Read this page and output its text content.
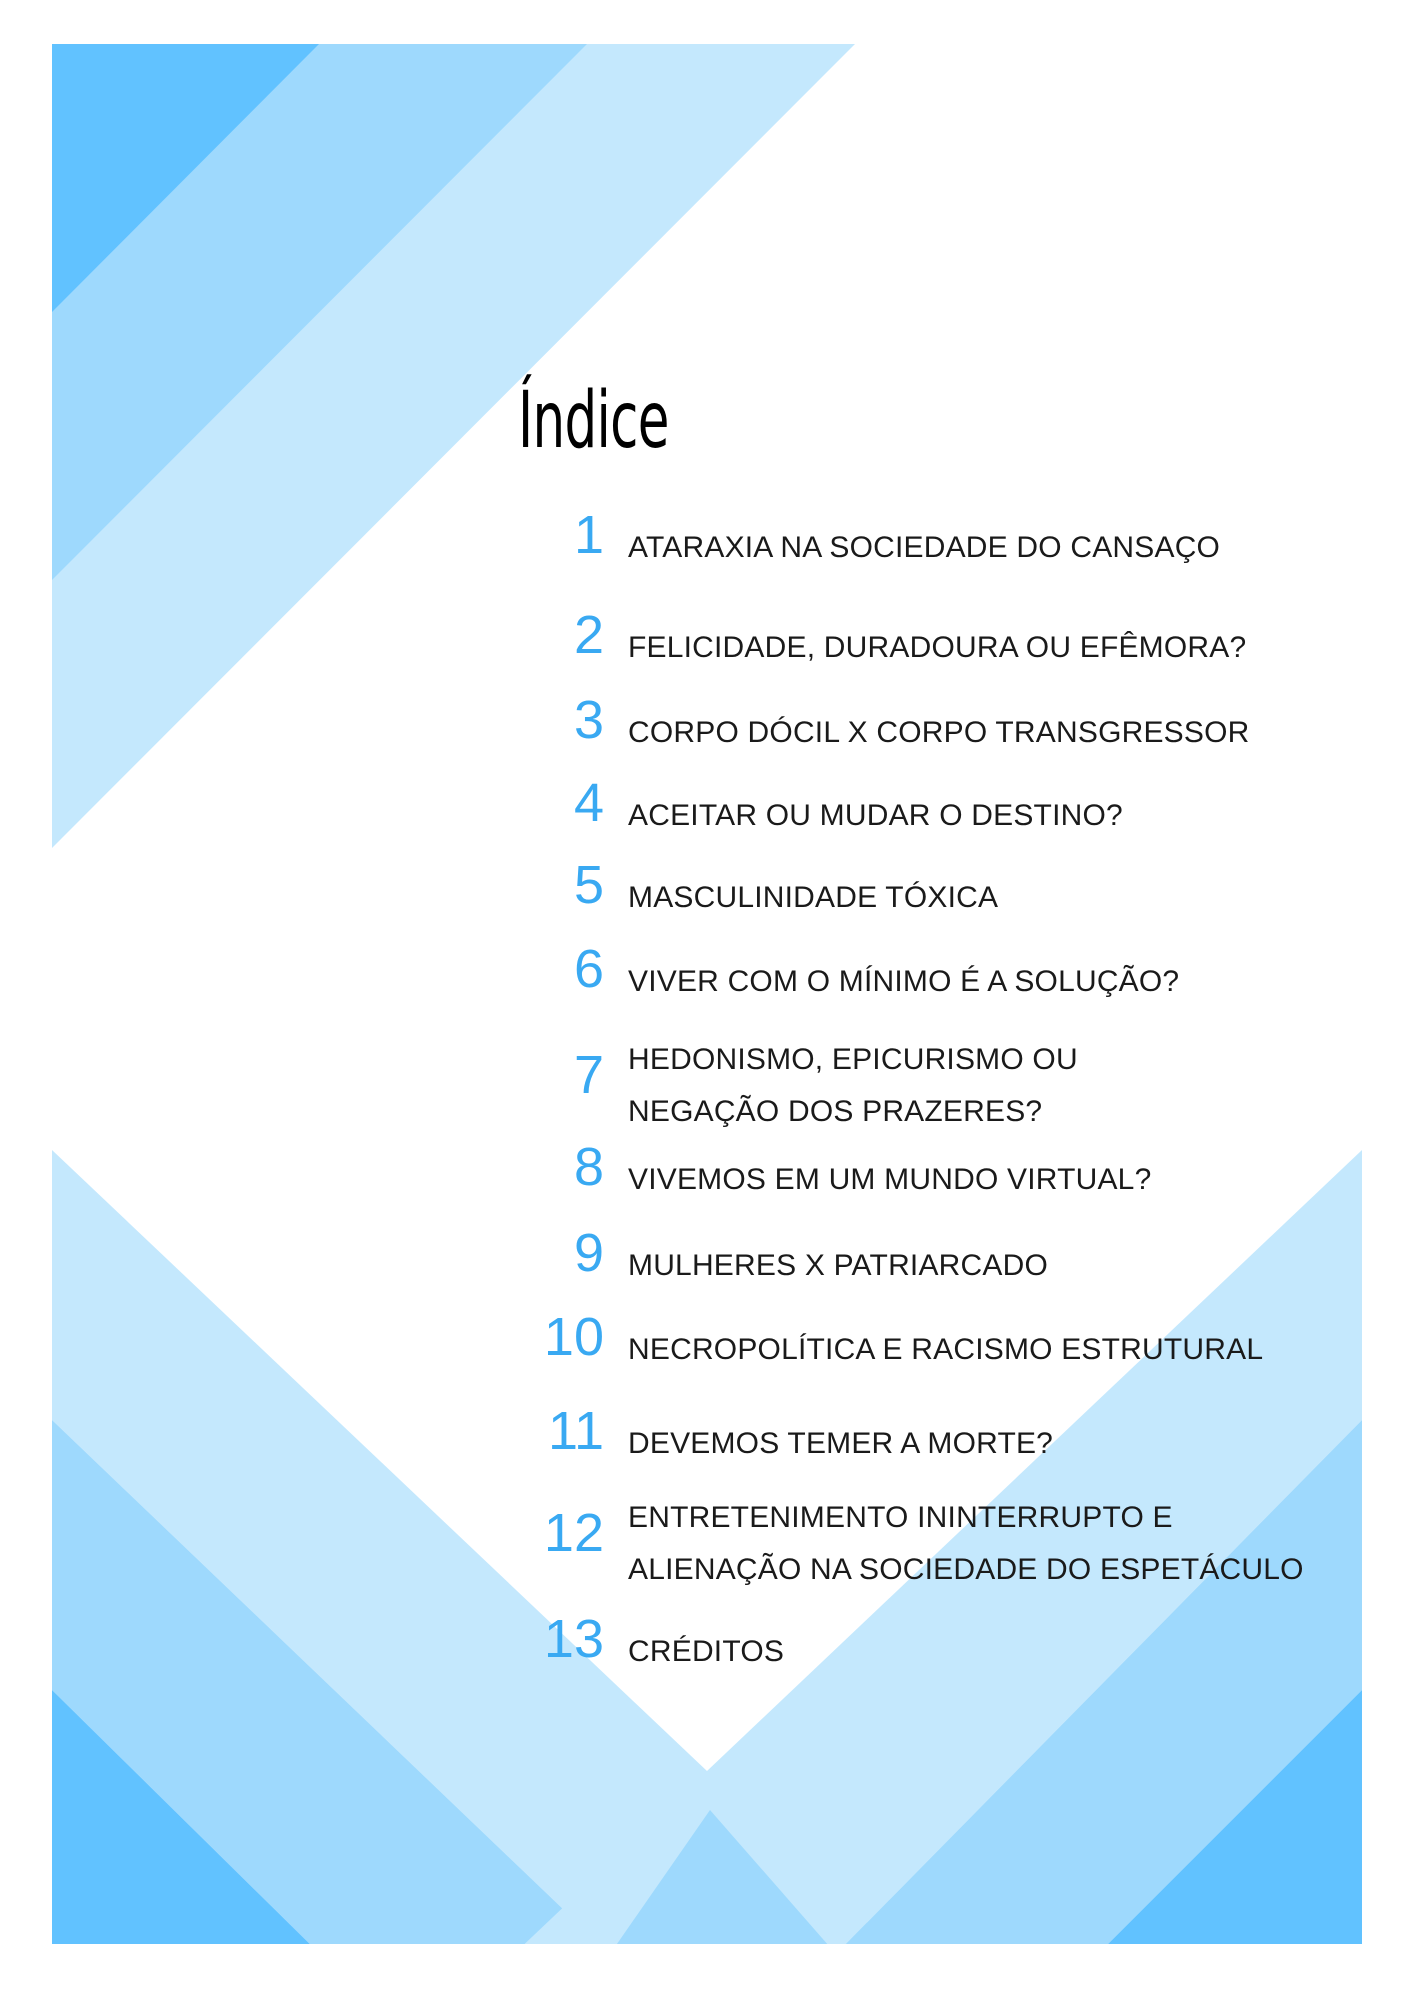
Índice
1 ATARAXIA NA SOCIEDADE DO CANSAÇO
2 FELICIDADE, DURADOURA OU EFÊMORA?
3 CORPO DÓCIL X CORPO TRANSGRESSOR
4 ACEITAR OU MUDAR O DESTINO?
5 MASCULINIDADE TÓXICA
6 VIVER COM O MÍNIMO É A SOLUÇÃO?
7 HEDONISMO, EPICURISMO OU
NEGAÇÃO DOS PRAZERES?
8 VIVEMOS EM UM MUNDO VIRTUAL?
9 MULHERES X PATRIARCADO
10 NECROPOLÍTICA E RACISMO ESTRUTURAL
11 DEVEMOS TEMER A MORTE?
12 ENTRETENIMENTO ININTERRUPTO E
ALIENAÇÃO NA SOCIEDADE DO ESPETÁCULO
13 CRÉDITOS
